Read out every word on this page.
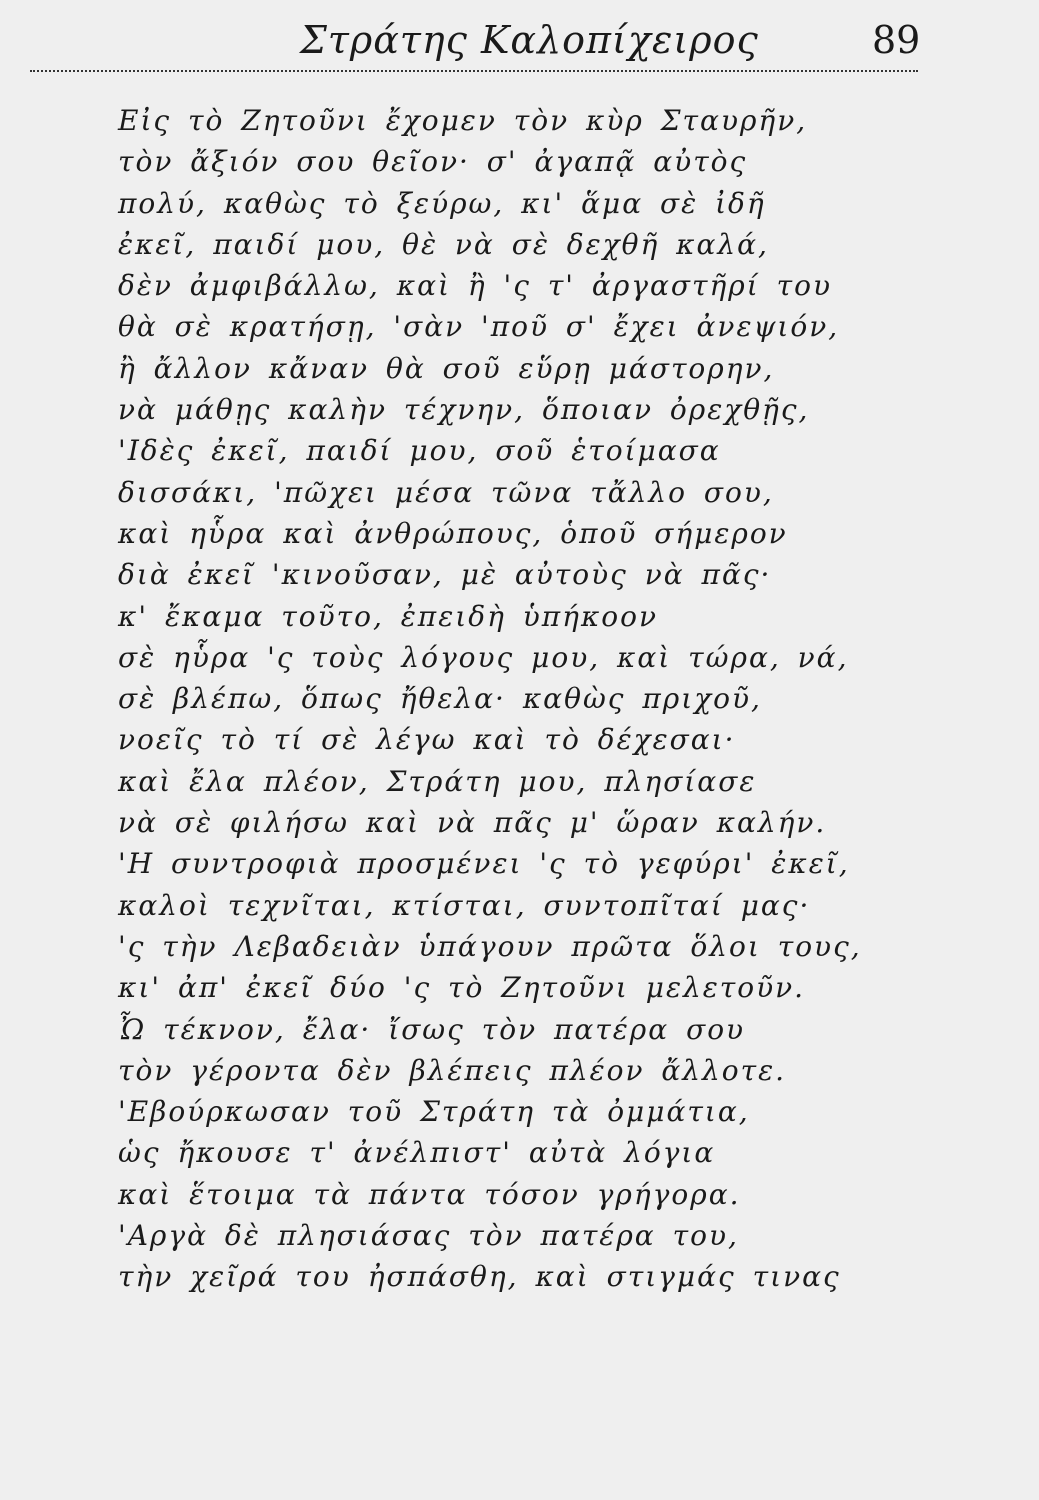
Στράτης Καλοπίχειρος	89
Εἰς τὸ Ζητοῦνι ἔχομεν τὸν κὺρ Σταυρῆν,
τὸν ἄξιόν σου θεῖον· σ' ἀγαπᾷ αὐτὸς
πολύ, καθὼς τὸ ξεύρω, κι' ἅμα σὲ ἰδῆ
ἐκεῖ, παιδί μου, θὲ νὰ σὲ δεχθῆ καλά,
δὲν ἀμφιβάλλω, καὶ ἢ 'ς τ' ἀργαστῆρί του
θὰ σὲ κρατήσῃ, 'σὰν 'ποῦ σ' ἔχει ἀνεψιόν,
ἢ ἄλλον κἄναν θὰ σοῦ εὕρῃ μάστορην,
νὰ μάθῃς καλὴν τέχνην, ὅποιαν ὀρεχθῇς,
'Ιδὲς ἐκεῖ, παιδί μου, σοῦ ἑτοίμασα
δισσάκι, 'πῶχει μέσα τῶνα τἄλλο σου,
καὶ ηὗρα καὶ ἀνθρώπους, ὁποῦ σήμερον
διὰ ἐκεῖ 'κινοῦσαν, μὲ αὐτοὺς νὰ πᾶς·
κ' ἔκαμα τοῦτο, ἐπειδὴ ὑπήκοον
σὲ ηὗρα 'ς τοὺς λόγους μου, καὶ τώρα, νά,
σὲ βλέπω, ὅπως ἤθελα· καθὼς πριχοῦ,
νοεῖς τὸ τί σὲ λέγω καὶ τὸ δέχεσαι·
καὶ ἔλα πλέον, Στράτη μου, πλησίασε
νὰ σὲ φιλήσω καὶ νὰ πᾶς μ' ὥραν καλήν.
'Η συντροφιὰ προσμένει 'ς τὸ γεφύρι' ἐκεῖ,
καλοὶ τεχνῖται, κτίσται, συντοπῖταί μας·
'ς τὴν Λεβαδειὰν ὑπάγουν πρῶτα ὅλοι τους,
κι' ἀπ' ἐκεῖ δύο 'ς τὸ Ζητοῦνι μελετοῦν.
Ὦ τέκνον, ἔλα· ἴσως τὸν πατέρα σου
τὸν γέροντα δὲν βλέπεις πλέον ἄλλοτε.
'Εβούρκωσαν τοῦ Στράτη τὰ ὀμμάτια,
ὡς ἤκουσε τ' ἀνέλπιστ' αὐτὰ λόγια
καὶ ἕτοιμα τὰ πάντα τόσον γρήγορα.
'Αργὰ δὲ πλησιάσας τὸν πατέρα του,
τὴν χεῖρά του ἠσπάσθη, καὶ στιγμάς τινας
